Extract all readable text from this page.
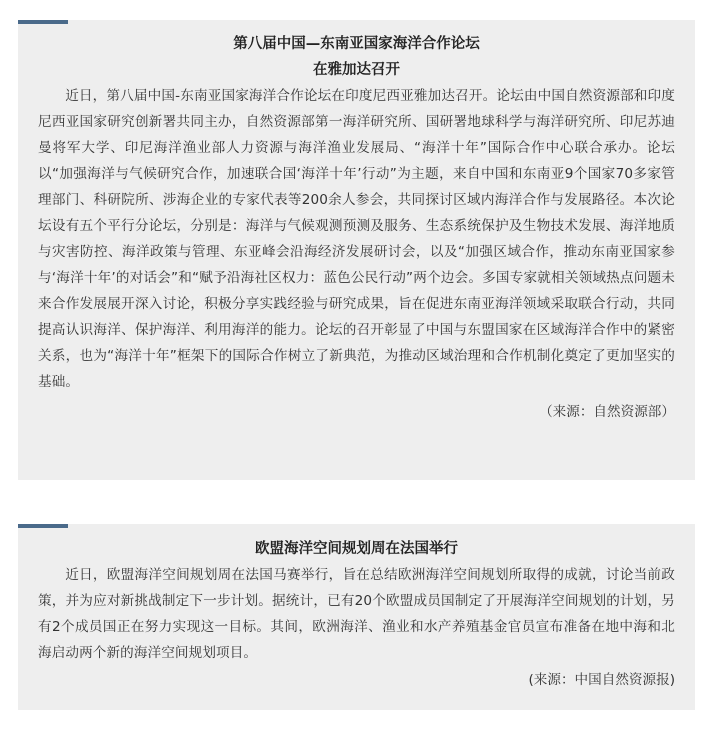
第八届中国—东南亚国家海洋合作论坛

在雅加达召开

近日，第八届中国-东南亚国家海洋合作论坛在印度尼西亚雅加达召开。论坛由中国自然资源部和印度尼西亚国家研究创新署共同主办，自然资源部第一海洋研究所、国研署地球科学与海洋研究所、印尼苏迪曼将军大学、印尼海洋渔业部人力资源与海洋渔业发展局、“海洋十年”国际合作中心联合承办。论坛以“加强海洋与气候研究合作，加速联合国‘海洋十年’行动”为主题，来自中国和东南亚9个国家70多家管理部门、科研院所、涉海企业的专家代表等200余人参会，共同探讨区域内海洋合作与发展路径。本次论坛设有五个平行分论坛，分别是：海洋与气候观测预测及服务、生态系统保护及生物技术发展、海洋地质与灾害防控、海洋政策与管理、东亚峰会沿海经济发展研讨会，以及“加强区域合作，推动东南亚国家参与‘海洋十年’的对话会”和“赋予沿海社区权力：蓝色公民行动”两个边会。多国专家就相关领域热点问题未来合作发展展开深入讨论，积极分享实践经验与研究成果，旨在促进东南亚海洋领域采取联合行动，共同提高认识海洋、保护海洋、利用海洋的能力。论坛的召开彰显了中国与东盟国家在区域海洋合作中的紧密关系，也为“海洋十年”框架下的国际合作树立了新典范，为推动区域治理和合作机制化奠定了更加坚实的基础。

（来源：自然资源部）

欧盟海洋空间规划周在法国举行

近日，欧盟海洋空间规划周在法国马赛举行，旨在总结欧洲海洋空间规划所取得的成就，讨论当前政策，并为应对新挑战制定下一步计划。据统计，已有20个欧盟成员国制定了开展海洋空间规划的计划，另有2个成员国正在努力实现这一目标。其间，欧洲海洋、渔业和水产养殖基金官员宣布准备在地中海和北海启动两个新的海洋空间规划项目。

(来源：中国自然资源报)
